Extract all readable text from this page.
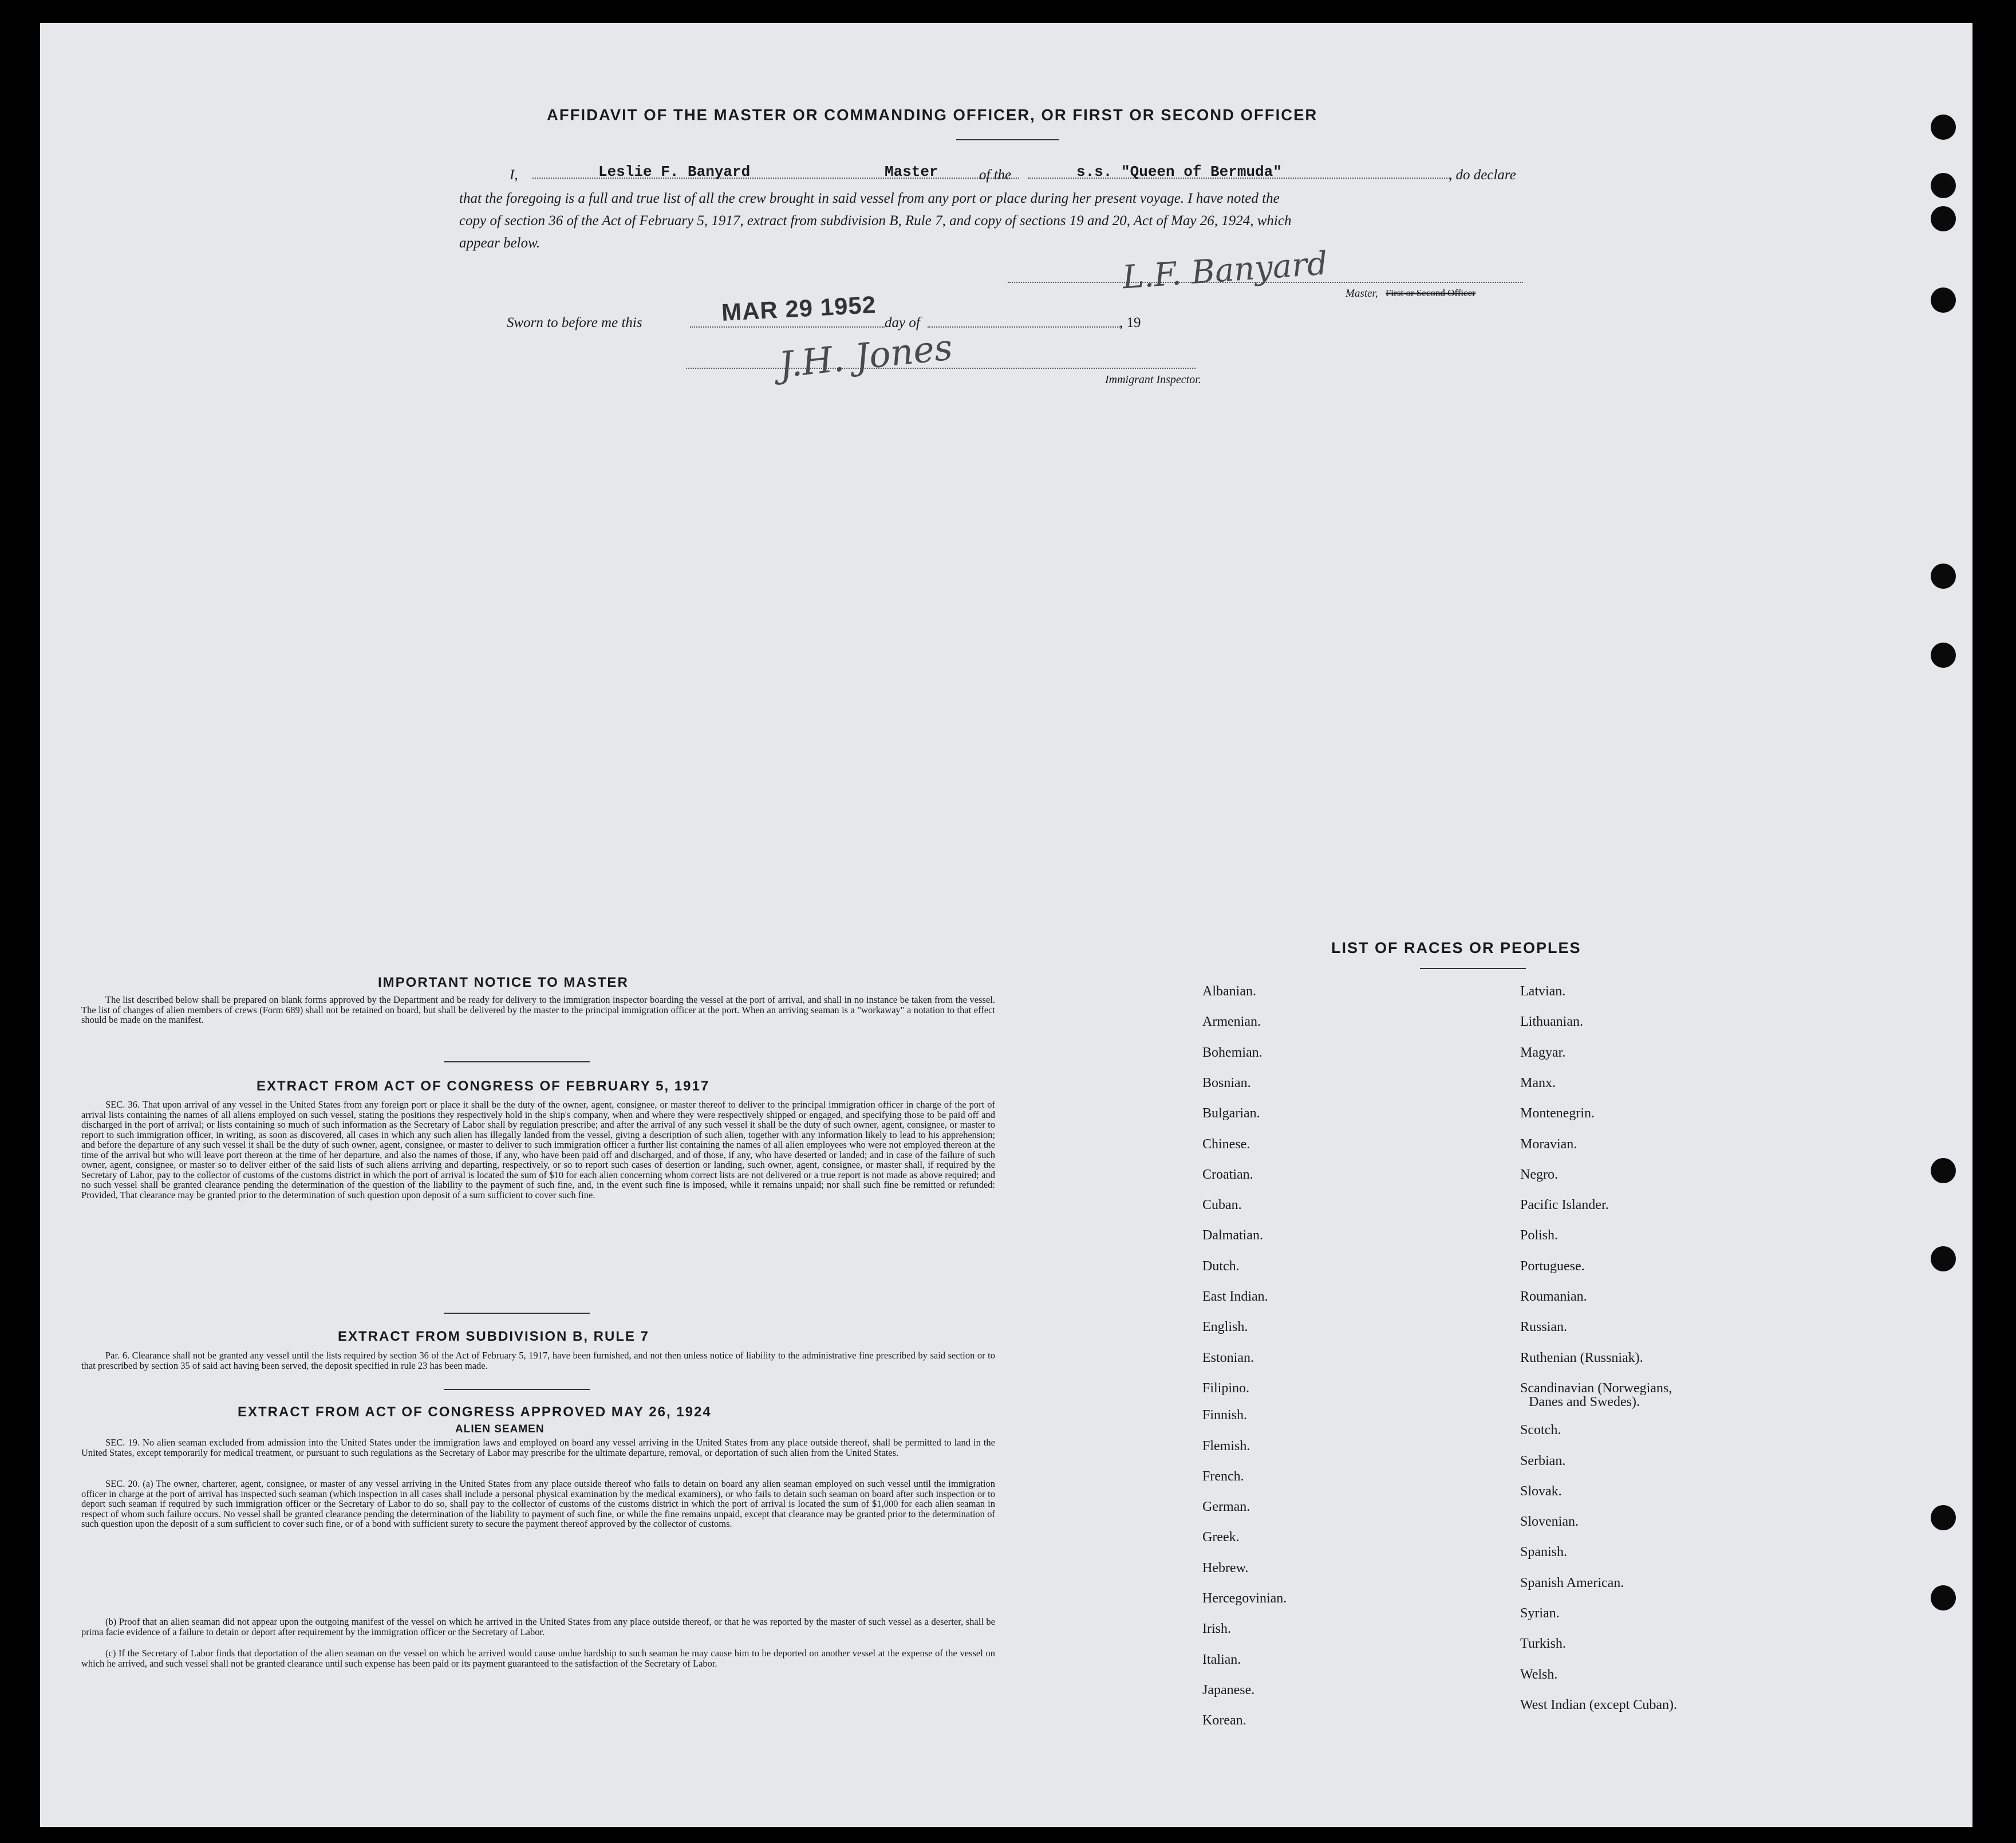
AFFIDAVIT OF THE MASTER OR COMMANDING OFFICER, OR FIRST OR SECOND OFFICER
I,	Leslie F. Banyard	Master	of the	s.s. "Queen of Bermuda"	, do declare
that the foregoing is a full and true list of all the crew brought in said vessel from any port or place during her present voyage. I have noted the
copy of section 36 of the Act of February 5, 1917, extract from subdivision B, Rule 7, and copy of sections 19 and 20, Act of May 26, 1924, which
appear below.
L.F. Banyard Master, First or Second Officer
Sworn to before me this	MAR 29 1952 day of	, 19
J.H. Jones	Immigrant Inspector.
IMPORTANT NOTICE TO MASTER
The list described below shall be prepared on blank forms approved by the Department and be ready for delivery to the immigration inspector boarding the vessel at the port of arrival, and shall in no instance be taken from the vessel. The list of changes of alien members of crews (Form 689) shall not be retained on board, but shall be delivered by the master to the principal immigration officer at the port. When an arriving seaman is a "workaway" a notation to that effect should be made on the manifest.
EXTRACT FROM ACT OF CONGRESS OF FEBRUARY 5, 1917
SEC. 36. That upon arrival of any vessel in the United States from any foreign port or place it shall be the duty of the owner, agent, consignee, or master thereof to deliver to the principal immigration officer in charge of the port of arrival lists containing the names of all aliens employed on such vessel, stating the positions they respectively hold in the ship's company, when and where they were respectively shipped or engaged, and specifying those to be paid off and discharged in the port of arrival; or lists containing so much of such information as the Secretary of Labor shall by regulation prescribe; and after the arrival of any such vessel it shall be the duty of such owner, agent, consignee, or master to report to such immigration officer, in writing, as soon as discovered, all cases in which any such alien has illegally landed from the vessel, giving a description of such alien, together with any information likely to lead to his apprehension; and before the departure of any such vessel it shall be the duty of such owner, agent, consignee, or master to deliver to such immigration officer a further list containing the names of all alien employees who were not employed thereon at the time of the arrival but who will leave port thereon at the time of her departure, and also the names of those, if any, who have been paid off and discharged, and of those, if any, who have deserted or landed; and in case of the failure of such owner, agent, consignee, or master so to deliver either of the said lists of such aliens arriving and departing, respectively, or so to report such cases of desertion or landing, such owner, agent, consignee, or master shall, if required by the Secretary of Labor, pay to the collector of customs of the customs district in which the port of arrival is located the sum of $10 for each alien concerning whom correct lists are not delivered or a true report is not made as above required; and no such vessel shall be granted clearance pending the determination of the question of the liability to the payment of such fine, and, in the event such fine is imposed, while it remains unpaid; nor shall such fine be remitted or refunded: Provided, That clearance may be granted prior to the determination of such question upon deposit of a sum sufficient to cover such fine.
EXTRACT FROM SUBDIVISION B, RULE 7
Par. 6. Clearance shall not be granted any vessel until the lists required by section 36 of the Act of February 5, 1917, have been furnished, and not then unless notice of liability to the administrative fine prescribed by said section or to that prescribed by section 35 of said act having been served, the deposit specified in rule 23 has been made.
EXTRACT FROM ACT OF CONGRESS APPROVED MAY 26, 1924
ALIEN SEAMEN
SEC. 19. No alien seaman excluded from admission into the United States under the immigration laws and employed on board any vessel arriving in the United States from any place outside thereof, shall be permitted to land in the United States, except temporarily for medical treatment, or pursuant to such regulations as the Secretary of Labor may prescribe for the ultimate departure, removal, or deportation of such alien from the United States.
SEC. 20. (a) The owner, charterer, agent, consignee, or master of any vessel arriving in the United States from any place outside thereof who fails to detain on board any alien seaman employed on such vessel until the immigration officer in charge at the port of arrival has inspected such seaman (which inspection in all cases shall include a personal physical examination by the medical examiners), or who fails to detain such seaman on board after such inspection or to deport such seaman if required by such immigration officer or the Secretary of Labor to do so, shall pay to the collector of customs of the customs district in which the port of arrival is located the sum of $1,000 for each alien seaman in respect of whom such failure occurs. No vessel shall be granted clearance pending the determination of the liability to payment of such fine, or while the fine remains unpaid, except that clearance may be granted prior to the determination of such question upon the deposit of a sum sufficient to cover such fine, or of a bond with sufficient surety to secure the payment thereof approved by the collector of customs.
(b) Proof that an alien seaman did not appear upon the outgoing manifest of the vessel on which he arrived in the United States from any place outside thereof, or that he was reported by the master of such vessel as a deserter, shall be prima facie evidence of a failure to detain or deport after requirement by the immigration officer or the Secretary of Labor.
(c) If the Secretary of Labor finds that deportation of the alien seaman on the vessel on which he arrived would cause undue hardship to such seaman he may cause him to be deported on another vessel at the expense of the vessel on which he arrived, and such vessel shall not be granted clearance until such expense has been paid or its payment guaranteed to the satisfaction of the Secretary of Labor.
LIST OF RACES OR PEOPLES
Albanian.
Armenian.
Bohemian.
Bosnian.
Bulgarian.
Chinese.
Croatian.
Cuban.
Dalmatian.
Dutch.
East Indian.
English.
Estonian.
Filipino.
Finnish.
Flemish.
French.
German.
Greek.
Hebrew.
Hercegovinian.
Irish.
Italian.
Japanese.
Korean.
Latvian.
Lithuanian.
Magyar.
Manx.
Montenegrin.
Moravian.
Negro.
Pacific Islander.
Polish.
Portuguese.
Roumanian.
Russian.
Ruthenian (Russniak).
Scandinavian (Norwegians,
Danes and Swedes).
Scotch.
Serbian.
Slovak.
Slovenian.
Spanish.
Spanish American.
Syrian.
Turkish.
Welsh.
West Indian (except Cuban).
